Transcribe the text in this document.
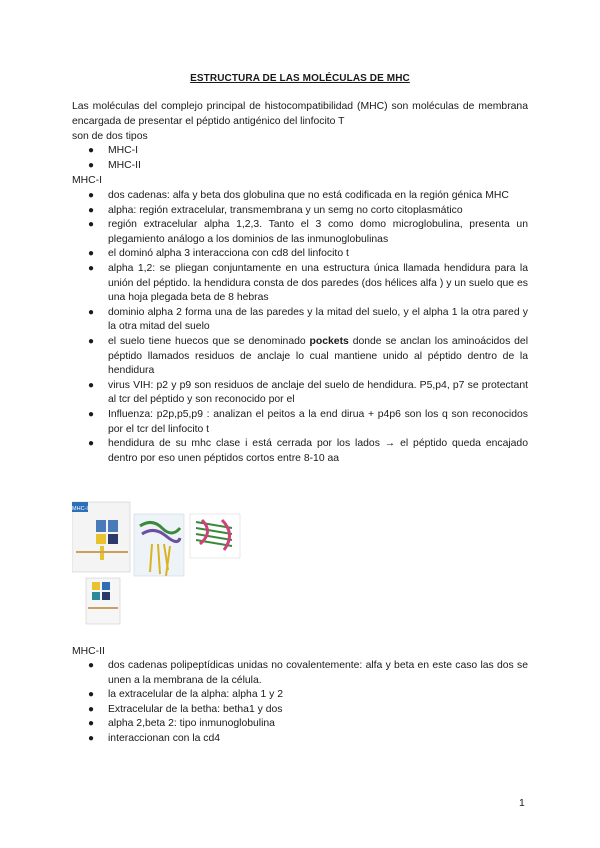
ESTRUCTURA DE LAS MOLÉCULAS DE MHC
Las moléculas del complejo principal de histocompatibilidad (MHC) son moléculas de membrana encargada de presentar el péptido antigénico del linfocito T
son de dos tipos
● MHC-I
● MHC-II
MHC-I
● dos cadenas: alfa y beta dos globulina que no está codificada en la región génica MHC
● alpha: región extracelular, transmembrana y un semg no corto citoplasmático
● región extracelular alpha 1,2,3. Tanto el 3 como domo microglobulina, presenta un plegamiento análogo a los dominios de las inmunoglobulinas
● el dominó alpha 3 interacciona con cd8 del linfocito t
● alpha 1,2: se pliegan conjuntamente en una estructura única llamada hendidura para la unión del péptido. la hendidura consta de dos paredes (dos hélices alfa ) y un suelo que es una hoja plegada beta de 8 hebras
● dominio alpha 2 forma una de las paredes y la mitad del suelo, y el alpha 1 la otra pared y la otra mitad del suelo
● el suelo tiene huecos que se denominado pockets donde se anclan los aminoácidos del péptido llamados residuos de anclaje lo cual mantiene unido al péptido dentro de la hendidura
● virus VIH: p2 y p9 son residuos de anclaje del suelo de hendidura. P5,p4, p7 se protectant al tcr del péptido y son reconocido por el
● Influenza: p2p,p5,p9 : analizan el peitos a la end dirua + p4p6 son los q son reconocidos por el tcr del linfocito t
● hendidura de su mhc clase i está cerrada por los lados → el péptido queda encajado dentro por eso unen péptidos cortos entre 8-10 aa
MHC-I
MHC-II
● dos cadenas polipeptídicas unidas no covalentemente: alfa y beta en este caso las dos se unen a la membrana de la célula.
● la extracelular de la alpha: alpha 1 y 2
● Extracelular de la betha: betha1 y dos
● alpha 2,beta 2: tipo inmunoglobulina
● interaccionan con la cd4
1
